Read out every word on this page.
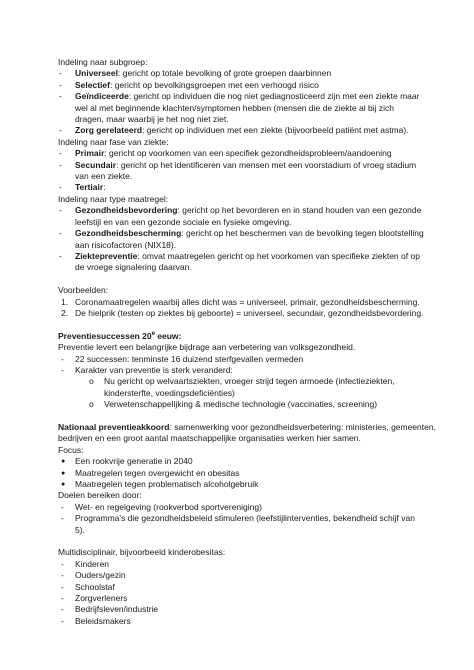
Indeling naar subgroep:
- Universeel: gericht op totale bevolking of grote groepen daarbinnen
- Selectief: gericht op bevolkingsgroepen met een verhoogd risico
- Geïndiceerde: gericht op individuen die nog niet gediagnosticeerd zijn met een ziekte maar
wel al met beginnende klachten/symptomen hebben (mensen die de ziekte al bij zich
dragen, maar waarbij je het nog niet ziet.
- Zorg gerelateerd: gericht op individuen met een ziekte (bijvoorbeeld patiënt met astma).
Indeling naar fase van ziekte:
- Primair: gericht op voorkomen van een specifiek gezondheidsprobleem/aandoening
- Secundair: gericht op het identificeren van mensen met een voorstadium of vroeg stadium
van een ziekte.
- Tertiair:
Indeling naar type maatregel:
- Gezondheidsbevordering: gericht op het bevorderen en in stand houden van een gezonde
leefstijl en van een gezonde sociale en fysieke omgeving.
- Gezondheidsbescherming: gericht op het beschermen van de bevolking tegen blootstelling
aan risicofactoren (NIX18).
- Ziektepreventie: omvat maatregelen gericht op het voorkomen van specifieke ziekten of op
de vroege signalering daarvan.
Voorbeelden:
1. Coronamaatregelen waarbij alles dicht was = universeel, primair, gezondheidsbescherming.
2. De hielprik (testen op ziektes bij geboorte) = universeel, secundair, gezondheidsbevordering.
Preventiesuccessen 20e eeuw:
Preventie levert een belangrijke bijdrage aan verbetering van volksgezondheid.
- 22 successen: tenminste 16 duizend sterfgevallen vermeden
- Karakter van preventie is sterk veranderd:
o Nu gericht op welvaartsziekten, vroeger strijd tegen armoede (infectieziekten,
kindersterfte, voedingsdeficiënties)
o Verwetenschappelijking & medische technologie (vaccinaties, screening)
Nationaal preventieakkoord: samenwerking voor gezondheidsverbetering: ministeries, gemeenten,
bedrijven en een groot aantal maatschappelijke organisaties werken hier samen.
Focus:
● Een rookvrije generatie in 2040
● Maatregelen tegen overgewicht en obesitas
● Maatregelen tegen problematisch alcoholgebruik
Doelen bereiken door:
- Wet- en regelgeving (rookverbod sportvereniging)
- Programma's die gezondheidsbeleid stimuleren (leefstijlinterventies, bekendheid schijf van
5).
Multidisciplinair, bijvoorbeeld kinderobesitas:
- Kinderen
- Ouders/gezin
- Schoolstaf
- Zorgverleners
- Bedrijfsleven/industrie
- Beleidsmakers
